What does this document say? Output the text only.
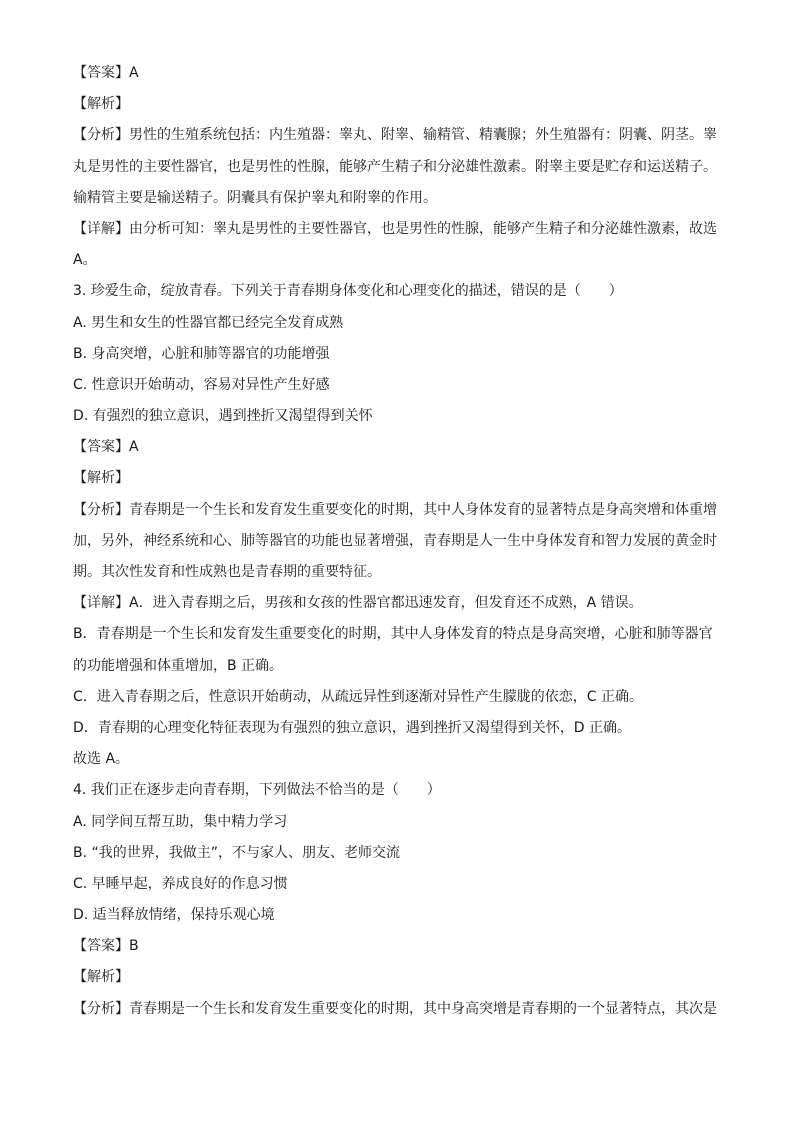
【答案】A
【解析】
【分析】男性的生殖系统包括：内生殖器：睾丸、附睾、输精管、精囊腺；外生殖器有：阴囊、阴茎。睾
丸是男性的主要性器官，也是男性的性腺，能够产生精子和分泌雄性激素。附睾主要是贮存和运送精子。
输精管主要是输送精子。阴囊具有保护睾丸和附睾的作用。
【详解】由分析可知：睾丸是男性的主要性器官，也是男性的性腺，能够产生精子和分泌雄性激素，故选
A。
3. 珍爱生命，绽放青春。下列关于青春期身体变化和心理变化的描述，错误的是（　　）
A. 男生和女生的性器官都已经完全发育成熟
B. 身高突增，心脏和肺等器官的功能增强
C. 性意识开始萌动，容易对异性产生好感
D. 有强烈的独立意识，遇到挫折又渴望得到关怀
【答案】A
【解析】
【分析】青春期是一个生长和发育发生重要变化的时期，其中人身体发育的显著特点是身高突增和体重增
加，另外，神经系统和心、肺等器官的功能也显著增强，青春期是人一生中身体发育和智力发展的黄金时
期。其次性发育和性成熟也是青春期的重要特征。
【详解】A．进入青春期之后，男孩和女孩的性器官都迅速发育，但发育还不成熟，A 错误。
B．青春期是一个生长和发育发生重要变化的时期，其中人身体发育的特点是身高突增，心脏和肺等器官
的功能增强和体重增加，B 正确。
C．进入青春期之后，性意识开始萌动，从疏远异性到逐渐对异性产生朦胧的依恋，C 正确。
D．青春期的心理变化特征表现为有强烈的独立意识，遇到挫折又渴望得到关怀，D 正确。
故选 A。
4. 我们正在逐步走向青春期，下列做法不恰当的是（　　）
A. 同学间互帮互助，集中精力学习
B. “我的世界，我做主”，不与家人、朋友、老师交流
C. 早睡早起，养成良好的作息习惯
D. 适当释放情绪，保持乐观心境
【答案】B
【解析】
【分析】青春期是一个生长和发育发生重要变化的时期，其中身高突增是青春期的一个显著特点，其次是
